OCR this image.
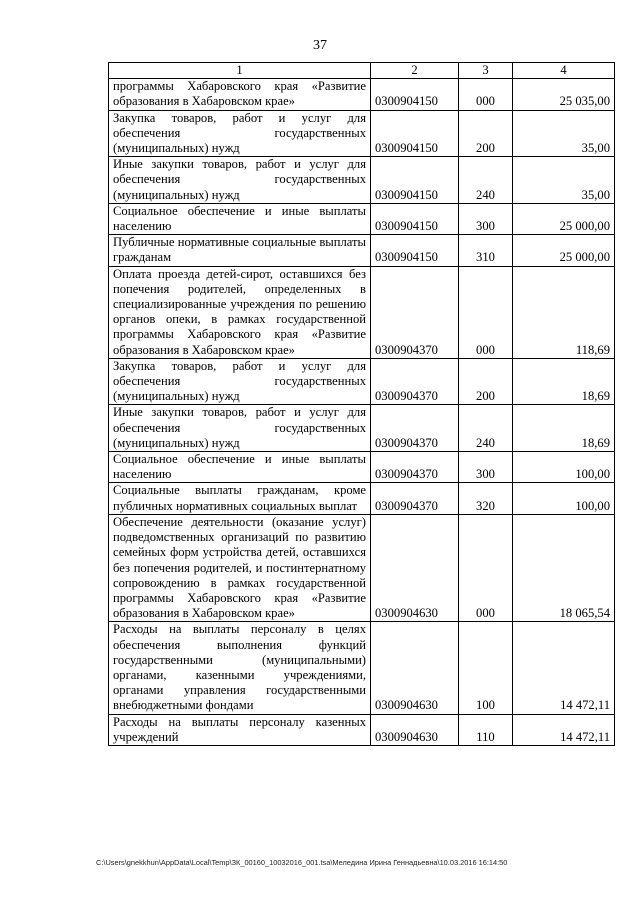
37
1	2	3	4
программы Хабаровского края «Развитие образования в Хабаровском крае»	0300904150	000	25 035,00
Закупка товаров, работ и услуг для обеспечения государственных (муниципальных) нужд	0300904150	200	35,00
Иные закупки товаров, работ и услуг для обеспечения государственных (муниципальных) нужд	0300904150	240	35,00
Социальное обеспечение и иные выплаты населению	0300904150	300	25 000,00
Публичные нормативные социальные выплаты гражданам	0300904150	310	25 000,00
Оплата проезда детей-сирот, оставшихся без попечения родителей, определенных в специализированные учреждения по решению органов опеки, в рамках государственной программы Хабаровского края «Развитие образования в Хабаровском крае»	0300904370	000	118,69
Закупка товаров, работ и услуг для обеспечения государственных (муниципальных) нужд	0300904370	200	18,69
Иные закупки товаров, работ и услуг для обеспечения государственных (муниципальных) нужд	0300904370	240	18,69
Социальное обеспечение и иные выплаты населению	0300904370	300	100,00
Социальные выплаты гражданам, кроме публичных нормативных социальных выплат	0300904370	320	100,00
Обеспечение деятельности (оказание услуг) подведомственных организаций по развитию семейных форм устройства детей, оставшихся без попечения родителей, и постинтернатному сопровождению в рамках государственной программы Хабаровского края «Развитие образования в Хабаровском крае»	0300904630	000	18 065,54
Расходы на выплаты персоналу в целях обеспечения выполнения функций государственными (муниципальными) органами, казенными учреждениями, органами управления государственными внебюджетными фондами	0300904630	100	14 472,11
Расходы на выплаты персоналу казенных учреждений	0300904630	110	14 472,11
C:\Users\gnekkhun\AppData\Local\Temp\ЗК_00160_10032016_001.tsa\Меледина Ирина Геннадьевна\10.03.2016 16:14:50
